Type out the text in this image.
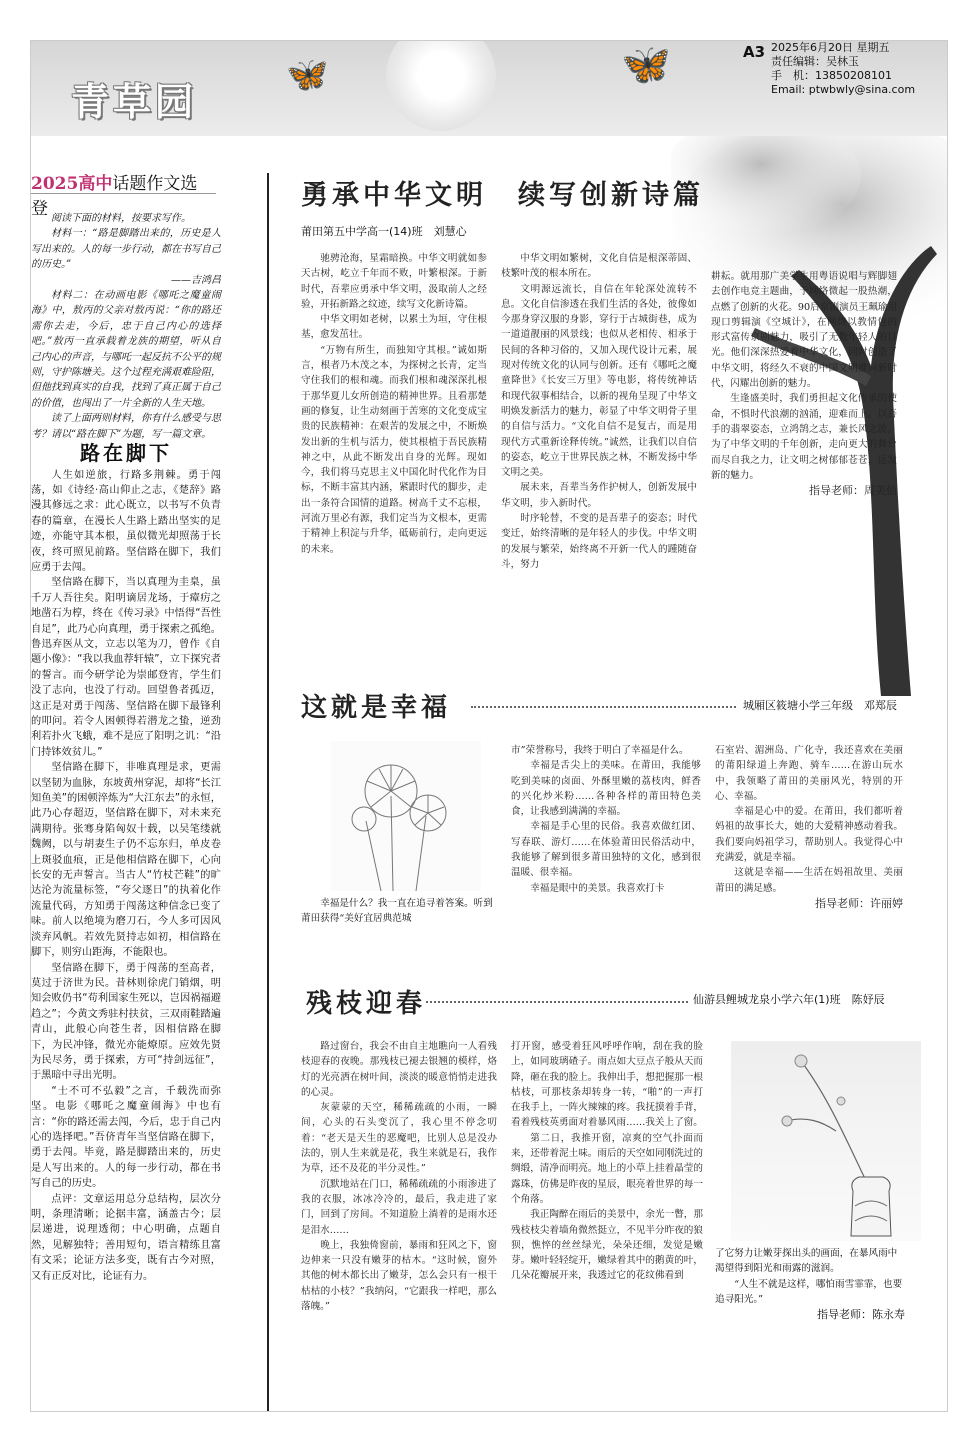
青草园
🦋	🦋	A3 2025年6月20日 星期五
责任编辑：吴林玉
手　机：13850208101
Email: ptwbwly@sina.com
2025高中话题作文选登 阅读下面的材料，按要求写作。

材料一：“路是脚踏出来的，历史是人写出来的。人的每一步行动，都在书写自己的历史。”

——吉鸿昌

材料二：在动画电影《哪吒之魔童闹海》中，敖丙的父亲对敖丙说：“你的路还需你去走，今后，忠于自己内心的选择吧。”敖丙一直承载着龙族的期望，听从自己内心的声音，与哪吒一起反抗不公平的规则，守护陈塘关。这个过程充满艰难险阻，但他找到真实的自我，找到了真正属于自己的价值，也闯出了一片全新的人生天地。

读了上面两则材料，你有什么感受与思考？请以“路在脚下”为题，写一篇文章。

路在脚下

人生如逆旅，行路多荆棘。勇于闯荡，如《诗经·高山仰止之志，《楚辞》路漫其修远之求：此心既立，以书写不负青春的篇章，在漫长人生路上踏出坚实的足迹，亦能守其本根，虽似微光却照荡于长夜，终可照见前路。坚信路在脚下，我们应勇于去闯。

坚信路在脚下，当以真理为圭臬，虽千万人吾往矣。阳明谪居龙场，于瘴疠之地凿石为椁，终在《传习录》中悟得“吾性自足”，此乃心向真理，勇于探索之孤绝。鲁迅弃医从文，立志以笔为刀，曾作《自题小像》：“我以我血荐轩辕”，立下探究者的誓言。而今研学论为崇邮登宵，学生们没了志向，也没了行动。回望鲁者孤迈，这正是对勇于闯荡、坚信路在脚下最锋利的叩问。若令人困顿得若潜龙之蛰，逆劲利若扑火飞蛾，难不是应了阳明之讥：“沿门持钵效贫儿。”

坚信路在脚下，非唯真理是求，更需以坚韧为血脉，东坡黄州穿泥，却将“长江知鱼美”的困顿淬炼为“大江东去”的永恒，此乃心存超迈，坚信路在脚下，对未来充满期待。张骞身陷匈奴十载，以吴笔缕就魏阙，以与胡妻生子仍不忘东归，单皮卷上斑驳血痕，正是他相信路在脚下，心向长安的无声誓言。当古人“竹杖芒鞋”的旷达沦为流量标签，“夸父逐日”的执着化作流量代码，方知勇于闯荡这种信念已变了味。前人以绝境为磨刀石，今人多可因风淡弃风帆。若效先贤持志如初，相信路在脚下，则穷山距海，不能限也。

坚信路在脚下，勇于闯荡的至高者，莫过于济世为民。昔林则徐虎门销烟，明知会败仍书“苟利国家生死以，岂因祸福避趋之”；今黄文秀驻村扶贫，三双雨鞋踏遍青山，此般心向苍生者，因相信路在脚下，为民冲锋，微光亦能燎原。应效先贤为民尽务，勇于探索，方可“持剑远征”，于黑暗中寻出光明。

“士不可不弘毅”之言，千载洗而弥坚。电影《哪吒之魔童闹海》中也有言：“你的路还需去闯，今后，忠于自己内心的选择吧。”吾侪青年当坚信路在脚下，勇于去闯。毕竟，路是脚踏出来的，历史是人写出来的。人的每一步行动，都在书写自己的历史。

点评：文章运用总分总结构，层次分明，条理清晰；论据丰富，涵盖古今；层层递进，说理透彻；中心明确，点题自然，见解独特；善用短句，语言精练且富有文采；论证方法多变，既有古今对照，又有正反对比，论证有力。

勇承中华文明　续写创新诗篇
莆田第五中学高一(14)班　刘慧心

驰骋沧海，星霜暗换。中华文明就如参天古树，屹立千年而不败，叶繁根深。于新时代，吾辈应勇承中华文明，汲取前人之经验，开拓新路之纹迹，续写文化新诗篇。

中华文明如老树，以累土为垣，守住根基，愈发茁壮。

“万物有所生，而独知守其根。”诚如斯言，根者乃木茂之本，为探树之长青，定当守住我们的根和魂。而我们根和魂深深扎根于那华夏儿女所创造的精神世界。且看那楚画的修复，让生动刻画于苦寒的文化变成宝贵的民族精神：在艰苦的发展之中，不断焕发出新的生机与活力，使其根植于吾民族精神之中，从此不断发出自身的光辉。现如今，我们将马克思主义中国化时代化作为目标，不断丰富其内涵，紧跟时代的脚步，走出一条符合国情的道路。树高千丈不忘根，河流万里必有源，我们定当为文根本，更需于精神上积淀与升华，砥砺前行，走向更远的未来。

中华文明如繁树，文化自信是根深蒂固、枝繁叶茂的根本所在。

文明源远流长，自信在年轮深处流转不息。文化自信渗透在我们生活的各处，彼像如今那身穿汉服的身影，穿行于古城街巷，成为一道道靓丽的风景线；也似从老相传、相承于民间的各种习俗的，又加入现代设计元素，展现对传统文化的认同与创新。还有《哪吒之魔童降世》《长安三万里》等电影，将传统神话和现代叙事相结合，以新的视角呈现了中华文明焕发新活力的魅力，彰显了中华文明骨子里的自信与活力。“文化自信不是复古，而是用现代方式重新诠释传统。”诚然，让我们以自信的姿态，屹立于世界民族之林，不断发扬中华文明之美。

展未来，吾辈当务作护树人，创新发展中华文明，步入新时代。

时序轮替，不变的是吾辈子的姿态；时代变迁，始终清晰的是年轻人的步伐。中华文明的发展与繁荣，始终离不开新一代人的踵随奋斗，努力

耕耘。就用那广美学生用粤语说唱与辉脚翅去创作电竞主题曲，于网络微起一股热潮，点燃了创新的火花。90后京剧演员王珮瑜用现口剪辑演《空城计》，在网络以教情包的形式富传京剧魅力，吸引了无数年轻人的目光。他们深深热爱着中华文化，同时创造了中华文明，将经久不衰的中国文明推向新时代，闪耀出创新的魅力。

生逢盛美时，我们勇担起文化传承的使命，不惧时代浪潮的汹涌，迎难而上。以吾手的翡翠姿态，立鸿鹄之志，兼长风之波。为了中华文明的千年创新，走向更大的舞台而尽自我之力，让文明之树郁郁苍苍，远发新的魅力。

指导老师：周美仙

这就是幸福	城厢区筱塘小学三年级　邓郑辰

幸福是什么？我一直在追寻着答案。听到莆田获得“美好宜居典范城

市”荣誉称号，我终于明白了幸福是什么。

幸福是舌尖上的美味。在莆田，我能够吃到美味的卤面、外酥里嫩的荔枝肉，鲜香的兴化炒米粉……各种各样的莆田特色美食，让我感到满满的幸福。

幸福是手心里的民俗。我喜欢做红团、写春联、游灯……在体验莆田民俗活动中，我能够了解到很多莆田独特的文化，感到很温暖、很幸福。

幸福是眼中的美景。我喜欢打卡

石室岩、湄洲岛、广化寺，我还喜欢在美丽的莆阳绿道上奔跑、骑车……在游山玩水中，我领略了莆田的美丽风光，特别的开心、幸福。

幸福是心中的爱。在莆田，我们都听着妈祖的故事长大，她的大爱精神感动着我。我们要向妈祖学习，帮助别人。我觉得心中充满爱，就是幸福。

这就是幸福——生活在妈祖故里、美丽莆田的满足感。

指导老师：许丽婷

残枝迎春	仙游县鲤城龙泉小学六年(1)班　陈妤辰

路过窗台，我会不由自主地瞧向一人看残枝迎春的夜晚。那残枝已褪去银翘的模样，烙灯的光亮洒在树叶间，淡淡的暖意悄悄走进我的心灵。

灰蒙蒙的天空，稀稀疏疏的小雨，一瞬间，心头的石头变沉了，我心里不停念叨着：“老天是天生的恶魔吧，比别人总是没办法的，别人生来就是花，我生来就是石，我作为草，还不及花的半分灵性。”

沉默地站在门口，稀稀疏疏的小雨渗进了我的衣服，冰冰冷冷的，最后，我走进了家门，回到了房间。不知道脸上淌着的是雨水还是泪水……

晚上，我独倚窗前，暴雨和狂风之下，窗边伸来一只没有嫩芽的枯木。“这时候，窗外其他的树木都长出了嫩芽，怎么会只有一根干枯枯的小枝？”我纳闷，“它跟我一样吧，那么落魄。”

打开窗，感受着狂风呼呼作响，刮在我的脸上，如同玻璃碴子。雨点如大豆点子般从天而降，砸在我的脸上。我伸出手，想把握那一根枯枝，可那枝条却转身一转，“啪”的一声打在我手上，一阵火辣辣的疼。我抚摸着手背，看着残枝英勇面对着暴风雨……我关上了窗。

第二日，我推开窗，凉爽的空气扑面而来，还带着泥土味。雨后的天空如同刚洗过的绸缎，清净而明亮。地上的小草上挂着晶莹的露珠，仿佛是昨夜的星辰，眼亮着世界的每一个角落。

我正陶醉在雨后的美景中，余光一瞥，那残枝枝尖着墙角微然挺立，不见半分昨夜的狼狈，憔悴的丝丝绿光，朵朵还细，发觉是嫩芽。嫩叶轻轻绽开，嫩绿着其中的鹅黄的叶，几朵花瓣展开来，我透过它的花纹佛看到

了它努力让嫩芽探出头的画面，在暴风雨中渴望得到阳光和雨露的滋润。

“人生不就是这样，哪怕雨雪霏霏，也要追寻阳光。”

指导老师：陈永寿
